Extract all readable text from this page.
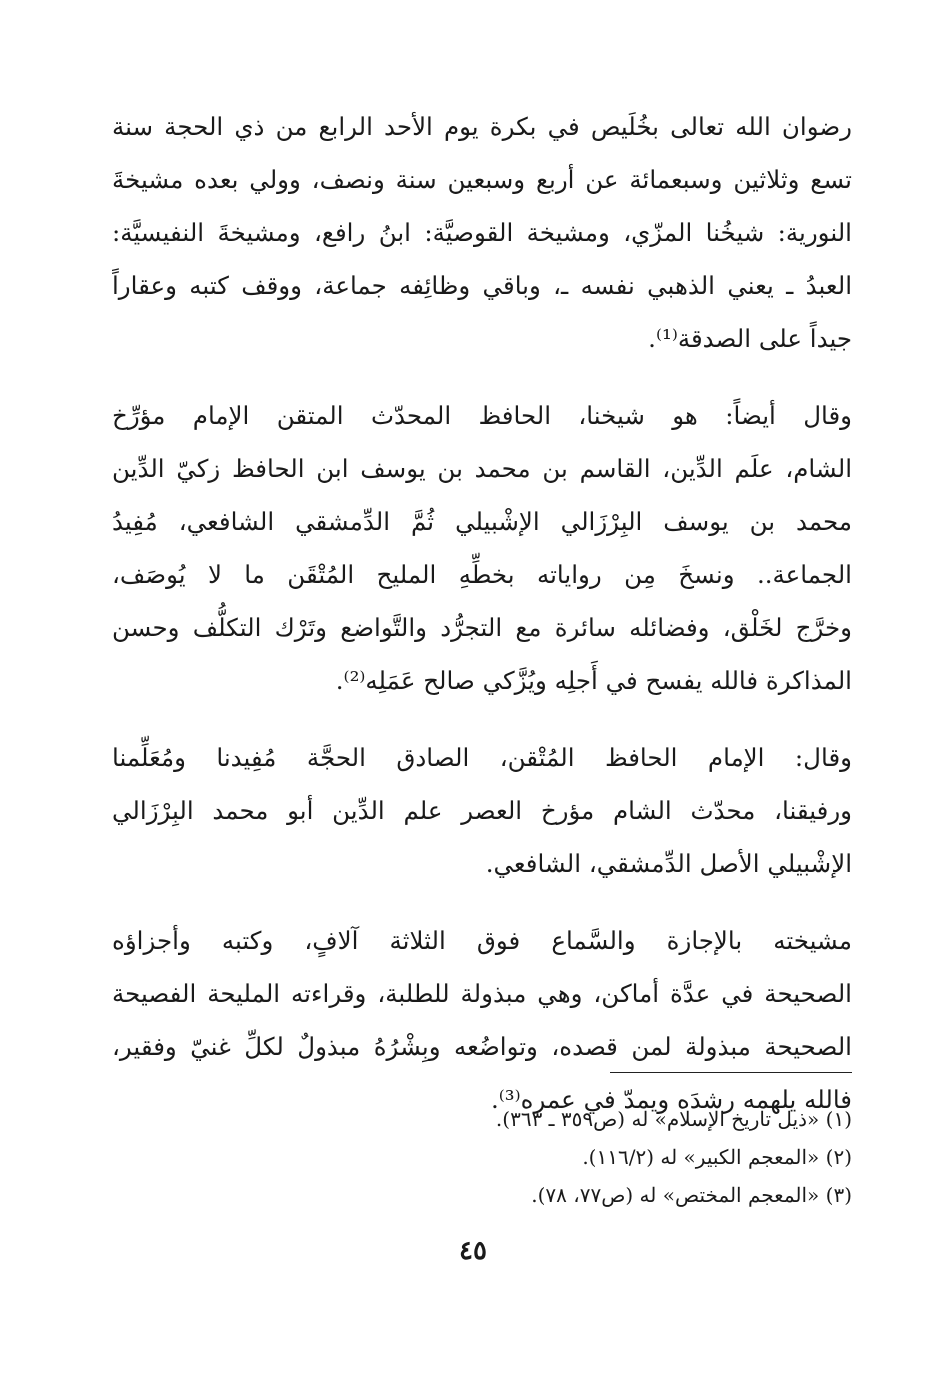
رضوان الله تعالى بخُلَيص في بكرة يوم الأحد الرابع من ذي الحجة سنة
تسع وثلاثين وسبعمائة عن أربع وسبعين سنة ونصف، وولي بعده مشيخةَ
النورية: شيخُنا المزّي، ومشيخة القوصيَّة: ابنُ رافع، ومشيخةَ النفيسيَّة:
العبدُ ـ يعني الذهبي نفسه ـ، وباقي وظائِفه جماعة، ووقف كتبه وعقاراً
جيداً على الصدقة⁽¹⁾.
وقال أيضاً: هو شيخنا، الحافظ المحدّث المتقن الإمام مؤرِّخ
الشام، علَم الدِّين، القاسم بن محمد بن يوسف ابن الحافظ زكيّ الدِّين
محمد بن يوسف البِرْزَالي الإشْبيلي ثُمَّ الدِّمشقي الشافعي، مُفِيدُ
الجماعة.. ونسخَ مِن رواياته بخطِّهِ المليح المُتْقَن ما لا يُوصَف،
وخرَّج لخَلْق، وفضائله سائرة مع التجرُّد والتَّواضع وتَرْك التكلُّف وحسن
المذاكرة فالله يفسح في أَجلِه ويُزَّكي صالح عَمَلِه⁽²⁾.
وقال: الإمام الحافظ المُتْقن، الصادق الحجَّة مُفِيدنا ومُعَلِّمنا
ورفيقنا، محدّث الشام مؤرخ العصر علم الدِّين أبو محمد البِرْزَالي
الإشْبيلي الأصل الدِّمشقي، الشافعي.
مشيخته بالإجازة والسَّماع فوق الثلاثة آلافٍ، وكتبه وأجزاؤه
الصحيحة في عدَّة أماكن، وهي مبذولة للطلبة، وقراءته المليحة الفصيحة
الصحيحة مبذولة لمن قصده، وتواضُعه وبِشْرُهُ مبذولٌ لكلِّ غنيّ وفقير،
فالله يلهمه رشدَه ويمدّ في عمره⁽³⁾.
(١) «ذيل تاريخ الإسلام» له (ص٣٥٩ ـ ٣٦٣).
(٢) «المعجم الكبير» له (١١٦/٢).
(٣) «المعجم المختص» له (ص٧٧، ٧٨).
٤٥
